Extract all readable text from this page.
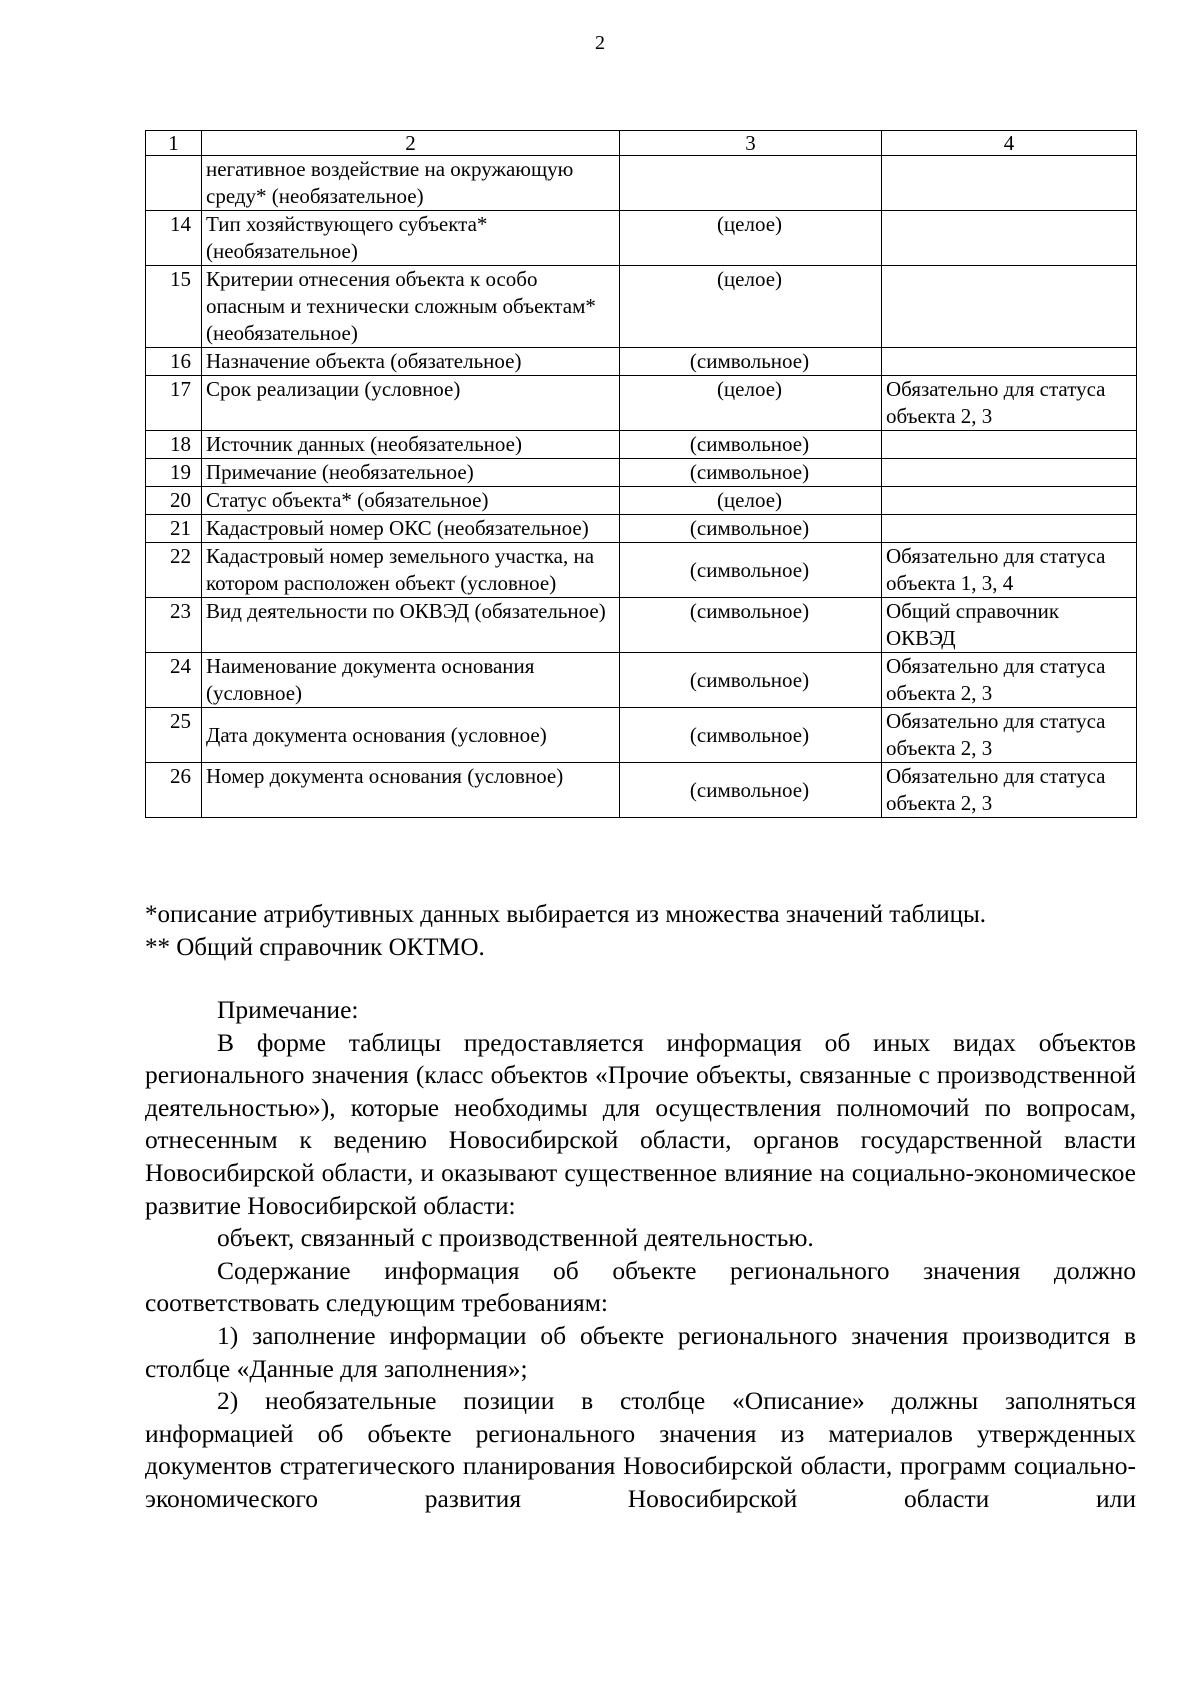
2
1	2	3	4
	негативное воздействие на окружающую среду* (необязательное)		
14	Тип хозяйствующего субъекта* (необязательное)	(целое)	
15	Критерии отнесения объекта к особо опасным и технически сложным объектам* (необязательное)	(целое)	
16	Назначение объекта (обязательное)	(символьное)	
17	Срок реализации (условное)	(целое)	Обязательно для статуса объекта 2, 3
18	Источник данных (необязательное)	(символьное)	
19	Примечание (необязательное)	(символьное)	
20	Статус объекта* (обязательное)	(целое)	
21	Кадастровый номер ОКС (необязательное)	(символьное)	
22	Кадастровый номер земельного участка, на котором расположен объект (условное)	(символьное)	Обязательно для статуса объекта 1, 3, 4
23	Вид деятельности по ОКВЭД (обязательное)	(символьное)	Общий справочник ОКВЭД
24	Наименование документа основания (условное)	(символьное)	Обязательно для статуса объекта 2, 3
25	Дата документа основания (условное)	(символьное)	Обязательно для статуса объекта 2, 3
26	Номер документа основания (условное)	(символьное)	Обязательно для статуса объекта 2, 3

*описание атрибутивных данных выбирается из множества значений таблицы.

** Общий справочник ОКТМО.

Примечание:

В форме таблицы предоставляется информация об иных видах объектов регионального значения (класс объектов «Прочие объекты, связанные с производственной деятельностью»), которые необходимы для осуществления полномочий по вопросам, отнесенным к ведению Новосибирской области, органов государственной власти Новосибирской области, и оказывают существенное влияние на социально-экономическое развитие Новосибирской области:

объект, связанный с производственной деятельностью.

Содержание информация об объекте регионального значения должно соответствовать следующим требованиям:

1) заполнение информации об объекте регионального значения производится в столбце «Данные для заполнения»;

2) необязательные позиции в столбце «Описание» должны заполняться информацией об объекте регионального значения из материалов утвержденных документов стратегического планирования Новосибирской области, программ социально-экономического развития Новосибирской области или
